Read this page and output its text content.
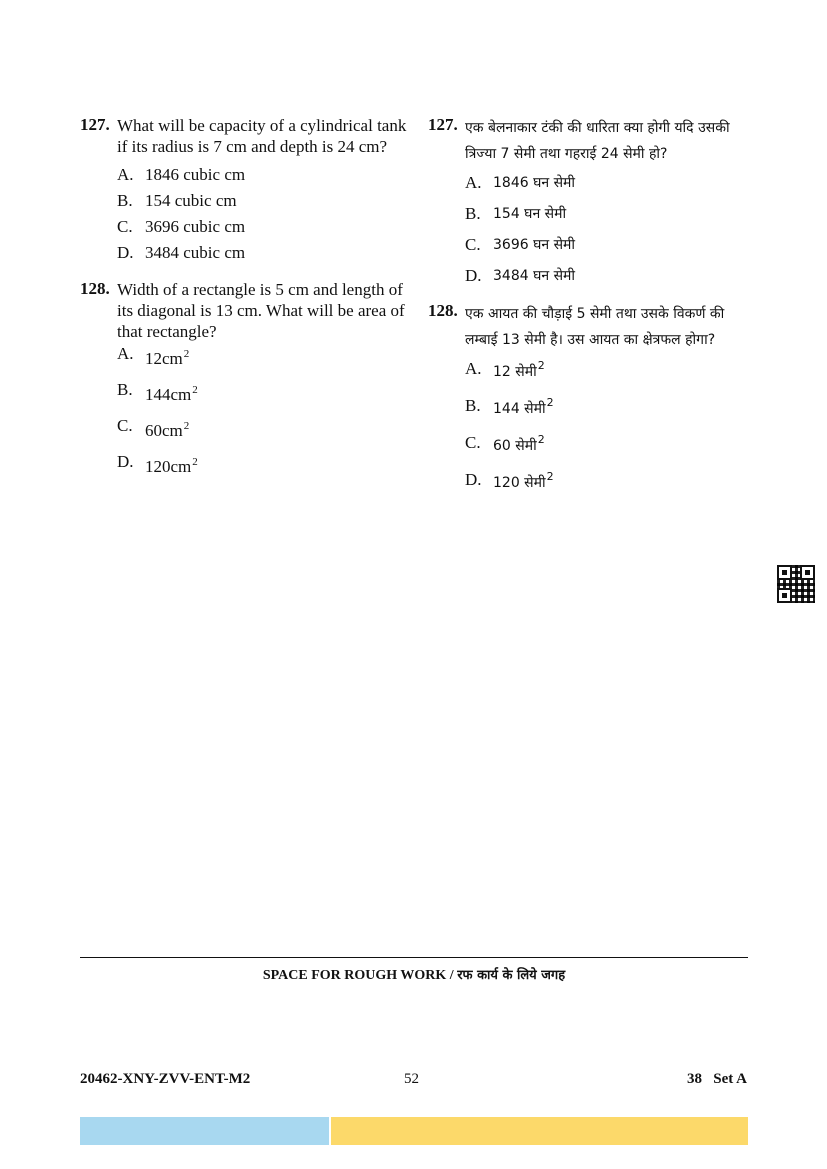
127. What will be capacity of a cylindrical tank if its radius is 7 cm and depth is 24 cm?
A. 1846 cubic cm
B. 154 cubic cm
C. 3696 cubic cm
D. 3484 cubic cm
128. Width of a rectangle is 5 cm and length of its diagonal is 13 cm. What will be area of that rectangle?
A. $12cm^2$
B. $144cm^2$
C. $60cm^2$
D. $120cm^2$
127. एक बेलनाकार टंकी की धारिता क्या होगी यदि उसकी त्रिज्या 7 सेमी तथा गहराई 24 सेमी हो?
A. 1846 घन सेमी
B. 154 घन सेमी
C. 3696 घन सेमी
D. 3484 घन सेमी
128. एक आयत की चौड़ाई 5 सेमी तथा उसके विकर्ण की लम्बाई 13 सेमी है। उस आयत का क्षेत्रफल होगा?
A. 12 सेमी$^2$
B. 144 सेमी$^2$
C. 60 सेमी$^2$
D. 120 सेमी$^2$
SPACE FOR ROUGH WORK / रफ कार्य के लिये जगह
20462-XNY-ZVV-ENT-M2	52	38   Set A
